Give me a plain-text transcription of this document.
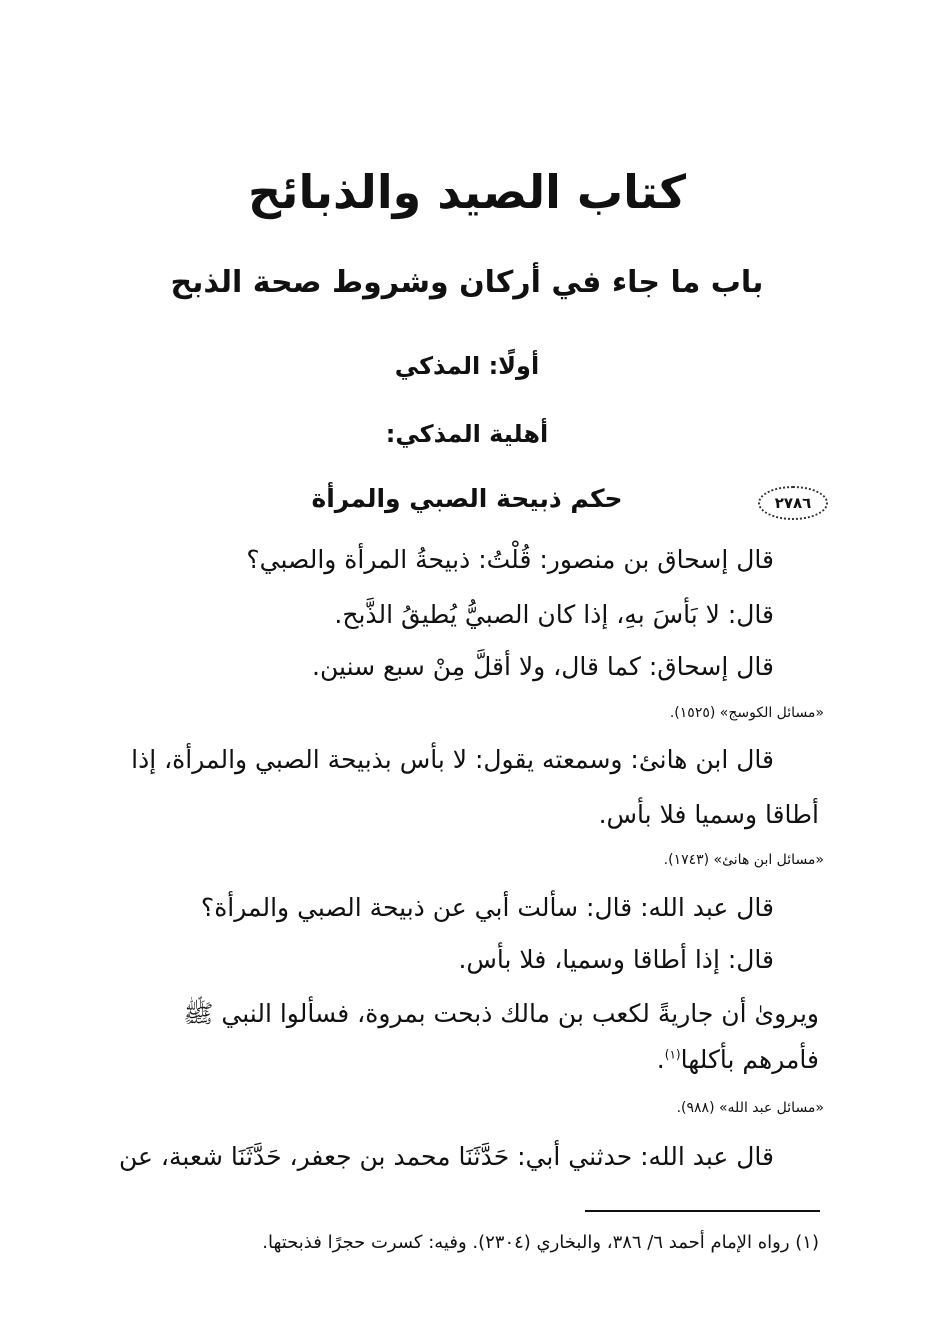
كتاب الصيد والذبائح
باب ما جاء في أركان وشروط صحة الذبح
أولًا: المذكي
أهلية المذكي:
٢٧٨٦
حكم ذبيحة الصبي والمرأة
قال إسحاق بن منصور: قُلْتُ: ذبيحةُ المرأة والصبي؟
قال: لا بَأسَ بهِ، إذا كان الصبيُّ يُطيقُ الذَّبح.
قال إسحاق: كما قال، ولا أقلَّ مِنْ سبع سنين.
«مسائل الكوسج» (١٥٢٥).
قال ابن هانئ: وسمعته يقول: لا بأس بذبيحة الصبي والمرأة، إذا
أطاقا وسميا فلا بأس.
«مسائل ابن هانئ» (١٧٤٣).
قال عبد الله: قال: سألت أبي عن ذبيحة الصبي والمرأة؟
قال: إذا أطاقا وسميا، فلا بأس.
ويروىٰ أن جاريةً لكعب بن مالك ذبحت بمروة، فسألوا النبي ﷺ
فأمرهم بأكلها$^{(١)}$.
«مسائل عبد الله» (٩٨٨).
قال عبد الله: حدثني أبي: حَدَّثَنَا محمد بن جعفر، حَدَّثَنَا شعبة، عن
(١) رواه الإمام أحمد ٦/ ٣٨٦، والبخاري (٢٣٠٤). وفيه: كسرت حجرًا فذبحتها.
